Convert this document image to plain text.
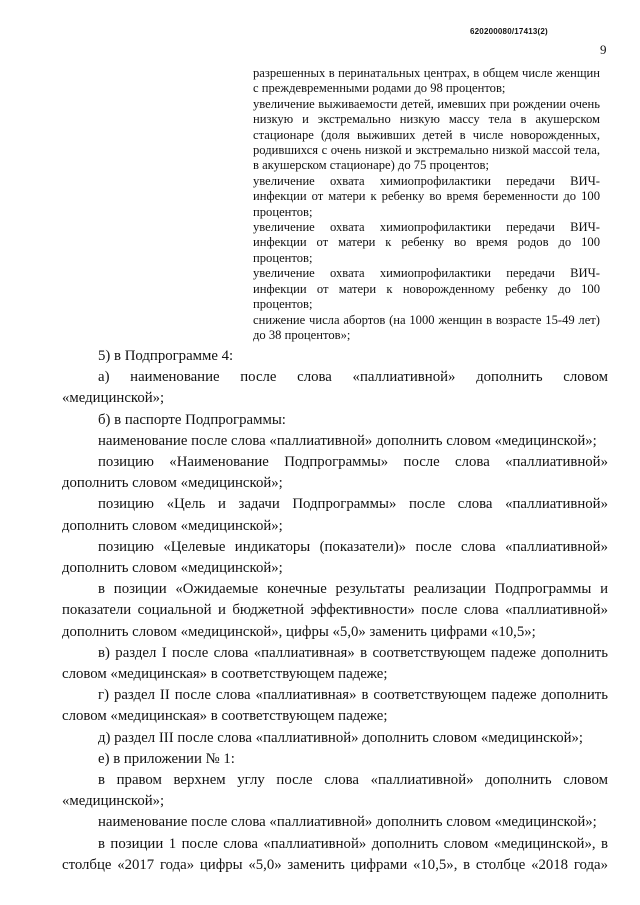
620200080/17413(2)
9

разрешенных в перинатальных центрах, в общем числе женщин с преждевременными родами до 98 процентов;

увеличение выживаемости детей, имевших при рождении очень низкую и экстремально низкую массу тела в акушерском стационаре (доля выживших детей в числе новорожденных, родившихся с очень низкой и экстремально низкой массой тела, в акушерском стационаре) до 75 процентов;

увеличение охвата химиопрофилактики передачи ВИЧ-инфекции от матери к ребенку во время беременности до 100 процентов;

увеличение охвата химиопрофилактики передачи ВИЧ-инфекции от матери к ребенку во время родов до 100 процентов;

увеличение охвата химиопрофилактики передачи ВИЧ-инфекции от матери к новорожденному ребенку до 100 процентов;

снижение числа абортов (на 1000 женщин в возрасте 15-49 лет) до 38 процентов»;

5) в Подпрограмме 4:

а) наименование после слова «паллиативной» дополнить словом «медицинской»;

б) в паспорте Подпрограммы:

наименование после слова «паллиативной» дополнить словом «медицинской»;

позицию «Наименование Подпрограммы» после слова «паллиативной» дополнить словом «медицинской»;

позицию «Цель и задачи Подпрограммы» после слова «паллиативной» дополнить словом «медицинской»;

позицию «Целевые индикаторы (показатели)» после слова «паллиативной» дополнить словом «медицинской»;

в позиции «Ожидаемые конечные результаты реализации Подпрограммы и показатели социальной и бюджетной эффективности» после слова «паллиативной» дополнить словом «медицинской», цифры «5,0» заменить цифрами «10,5»;

в) раздел I после слова «паллиативная» в соответствующем падеже дополнить словом «медицинская» в соответствующем падеже;

г) раздел II после слова «паллиативная» в соответствующем падеже дополнить словом «медицинская» в соответствующем падеже;

д) раздел III после слова «паллиативной» дополнить словом «медицинской»;

е) в приложении № 1:

в правом верхнем углу после слова «паллиативной» дополнить словом «медицинской»;

наименование после слова «паллиативной» дополнить словом «медицинской»;

в позиции 1 после слова «паллиативной» дополнить словом «медицинской», в столбце «2017 года» цифры «5,0» заменить цифрами «10,5», в столбце «2018 года»
